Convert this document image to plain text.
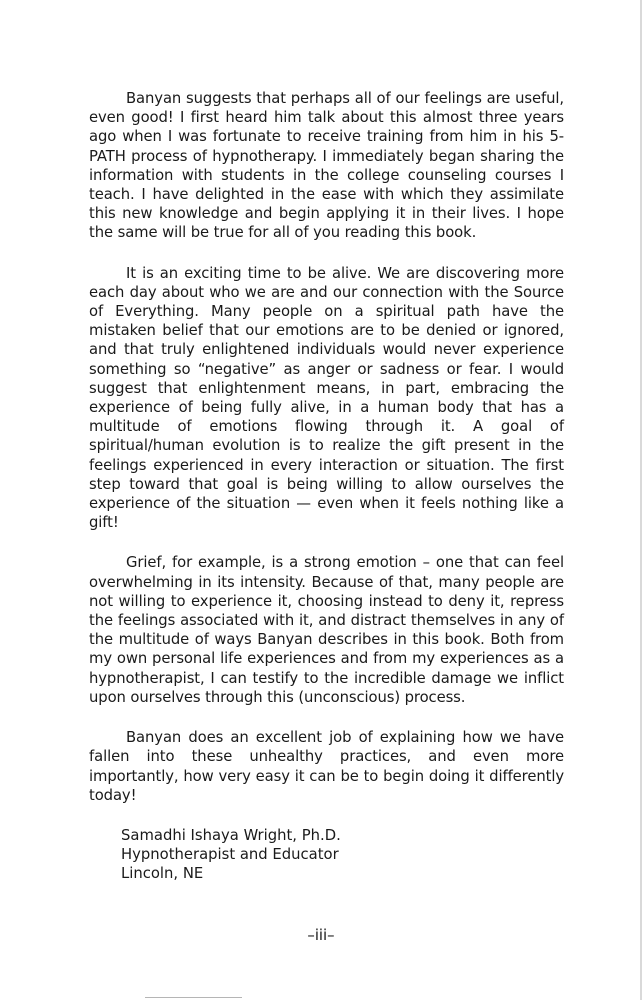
Banyan suggests that perhaps all of our feelings are useful, even good! I first heard him talk about this almost three years ago when I was fortunate to receive training from him in his 5-PATH process of hypnotherapy. I immediately began sharing the information with students in the college counseling courses I teach. I have delighted in the ease with which they assimilate this new knowledge and begin applying it in their lives. I hope the same will be true for all of you reading this book.

It is an exciting time to be alive. We are discovering more each day about who we are and our connection with the Source of Everything. Many people on a spiritual path have the mistaken belief that our emotions are to be denied or ignored, and that truly enlightened individuals would never experience something so “negative” as anger or sadness or fear. I would suggest that enlightenment means, in part, embracing the experience of being fully alive, in a human body that has a multitude of emotions flowing through it. A goal of spiritual/human evolution is to realize the gift present in the feelings experienced in every interaction or situation. The first step toward that goal is being willing to allow ourselves the experience of the situation — even when it feels nothing like a gift!

Grief, for example, is a strong emotion – one that can feel overwhelming in its intensity. Because of that, many people are not willing to experience it, choosing instead to deny it, repress the feelings associated with it, and distract themselves in any of the multitude of ways Banyan describes in this book. Both from my own personal life experiences and from my experiences as a hypnotherapist, I can testify to the incredible damage we inflict upon ourselves through this (unconscious) process.

Banyan does an excellent job of explaining how we have fallen into these unhealthy practices, and even more importantly, how very easy it can be to begin doing it differently today!

Samadhi Ishaya Wright, Ph.D.
Hypnotherapist and Educator
Lincoln, NE
–iii–
